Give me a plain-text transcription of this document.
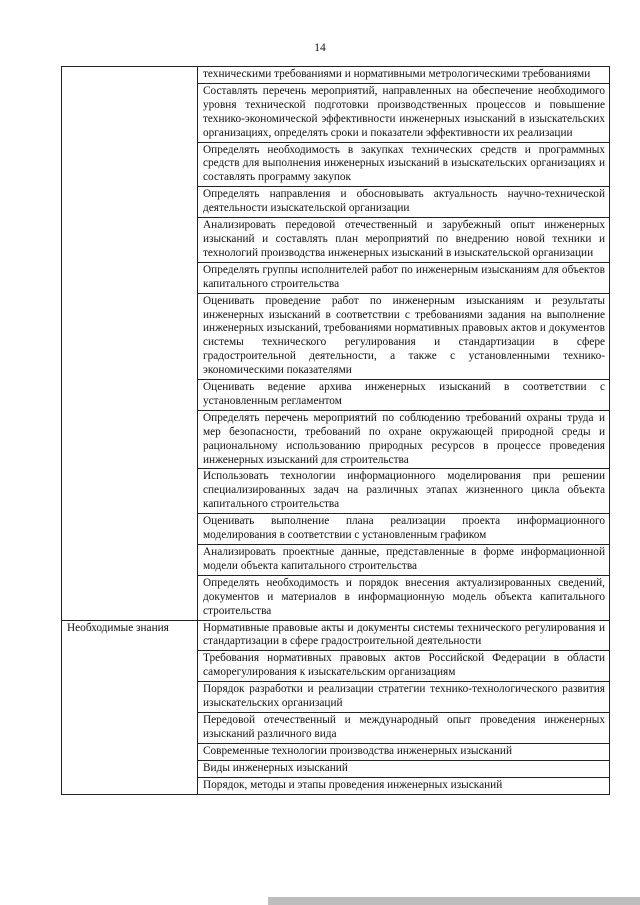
14
	техническими требованиями и нормативными метрологическими требованиями
	Составлять перечень мероприятий, направленных на обеспечение необходимого уровня технической подготовки производственных процессов и повышение технико-экономической эффективности инженерных изысканий в изыскательских организациях, определять сроки и показатели эффективности их реализации
	Определять необходимость в закупках технических средств и программных средств для выполнения инженерных изысканий в изыскательских организациях и составлять программу закупок
	Определять направления и обосновывать актуальность научно-технической деятельности изыскательской организации
	Анализировать передовой отечественный и зарубежный опыт инженерных изысканий и составлять план мероприятий по внедрению новой техники и технологий производства инженерных изысканий в изыскательской организации
	Определять группы исполнителей работ по инженерным изысканиям для объектов капитального строительства
	Оценивать проведение работ по инженерным изысканиям и результаты инженерных изысканий в соответствии с требованиями задания на выполнение инженерных изысканий, требованиями нормативных правовых актов и документов системы технического регулирования и стандартизации в сфере градостроительной деятельности, а также с установленными технико-экономическими показателями
	Оценивать ведение архива инженерных изысканий в соответствии с установленным регламентом
	Определять перечень мероприятий по соблюдению требований охраны труда и мер безопасности, требований по охране окружающей природной среды и рациональному использованию природных ресурсов в процессе проведения инженерных изысканий для строительства
	Использовать технологии информационного моделирования при решении специализированных задач на различных этапах жизненного цикла объекта капитального строительства
	Оценивать выполнение плана реализации проекта информационного моделирования в соответствии с установленным графиком
	Анализировать проектные данные, представленные в форме информационной модели объекта капитального строительства
	Определять необходимость и порядок внесения актуализированных сведений, документов и материалов в информационную модель объекта капитального строительства
Необходимые знания	Нормативные правовые акты и документы системы технического регулирования и стандартизации в сфере градостроительной деятельности
	Требования нормативных правовых актов Российской Федерации в области саморегулирования к изыскательским организациям
	Порядок разработки и реализации стратегии технико-технологического развития изыскательских организаций
	Передовой отечественный и международный опыт проведения инженерных изысканий различного вида
	Современные технологии производства инженерных изысканий
	Виды инженерных изысканий
	Порядок, методы и этапы проведения инженерных изысканий
